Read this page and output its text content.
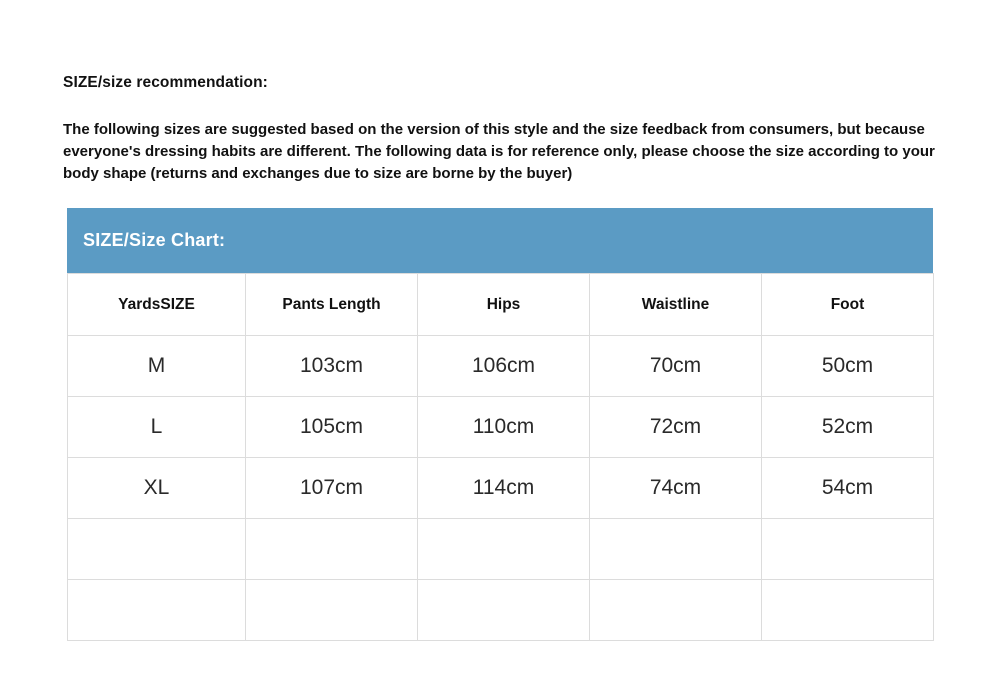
SIZE/size recommendation:
The following sizes are suggested based on the version of this style and the size feedback from consumers, but because everyone's dressing habits are different. The following data is for reference only, please choose the size according to your body shape (returns and exchanges due to size are borne by the buyer)
SIZE/Size Chart:
YardsSIZE	Pants Length	Hips	Waistline	Foot
M	103cm	106cm	70cm	50cm
L	105cm	110cm	72cm	52cm
XL	107cm	114cm	74cm	54cm
